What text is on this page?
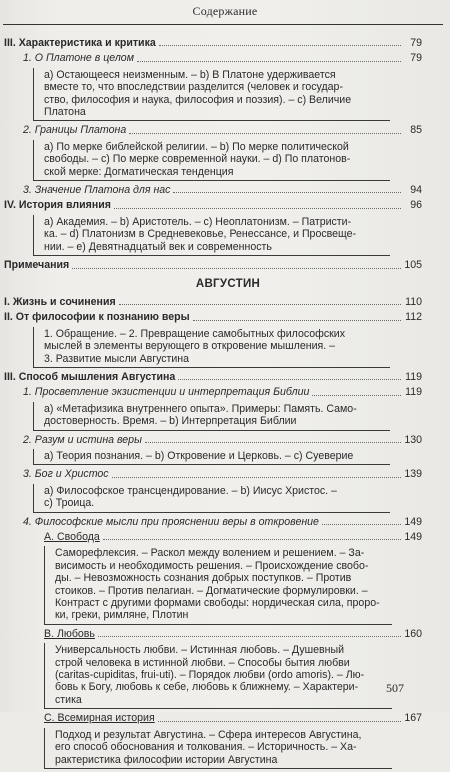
Содержание
III. Характеристика и критика	79
1. О Платоне в целом	79
а) Остающееся неизменным. – b) В Платоне удерживается
вместе то, что впоследствии разделится (человек и государ-
ство, философия и наука, философия и поэзия). – с) Величие
Платона
2. Границы Платона	85
а) По мерке библейской религии. – b) По мерке политической
свободы. – с) По мерке современной науки. – d) По платонов-
ской мерке: Догматическая тенденция
3. Значение Платона для нас	94
IV. История влияния	96
а) Академия. – b) Аристотель. – с) Неоплатонизм. – Патристи-
ка. – d) Платонизм в Средневековье, Ренессансе, и Просвеще-
нии. – е) Девятнадцатый век и современность
Примечания	105
АВГУСТИН
I. Жизнь и сочинения	110
II. От философии к познанию веры	112
1. Обращение. – 2. Превращение самобытных философских
мыслей в элементы верующего в откровение мышления. –
3. Развитие мысли Августина
III. Способ мышления Августина	119
1. Просветление экзистенции и интерпретация Библии	119
а) «Метафизика внутреннего опыта». Примеры: Память. Само-
достоверность. Время. – b) Интерпретация Библии
2. Разум и истина веры	130
а) Теория познания. – b) Откровение и Церковь. – с) Суеверие
3. Бог и Христос	139
а) Философское трансцендирование. – b) Иисус Христос. –
с) Троица.
4. Философские мысли при прояснении веры в откровение	149
А. Свобода	149
Саморефлексия. – Раскол между волением и решением. – За-
висимость и необходимость решения. – Происхождение свобо-
ды. – Невозможность сознания добрых поступков. – Против
стоиков. – Против пелагиан. – Догматические формулировки. –
Контраст с другими формами свободы: нордическая сила, проро-
ки, греки, римляне, Плотин
В. Любовь	160
Универсальность любви. – Истинная любовь. – Душевный
строй человека в истинной любви. – Способы бытия любви
(caritas-cupiditas, frui-uti). – Порядок любви (ordo amoris). – Лю-
бовь к Богу, любовь к себе, любовь к ближнему. – Характери-
стика
С. Всемирная история	167
Подход и результат Августина. – Сфера интересов Августина,
его способ обоснования и толкования. – Историчность. – Ха-
рактеристика философии истории Августина
507
